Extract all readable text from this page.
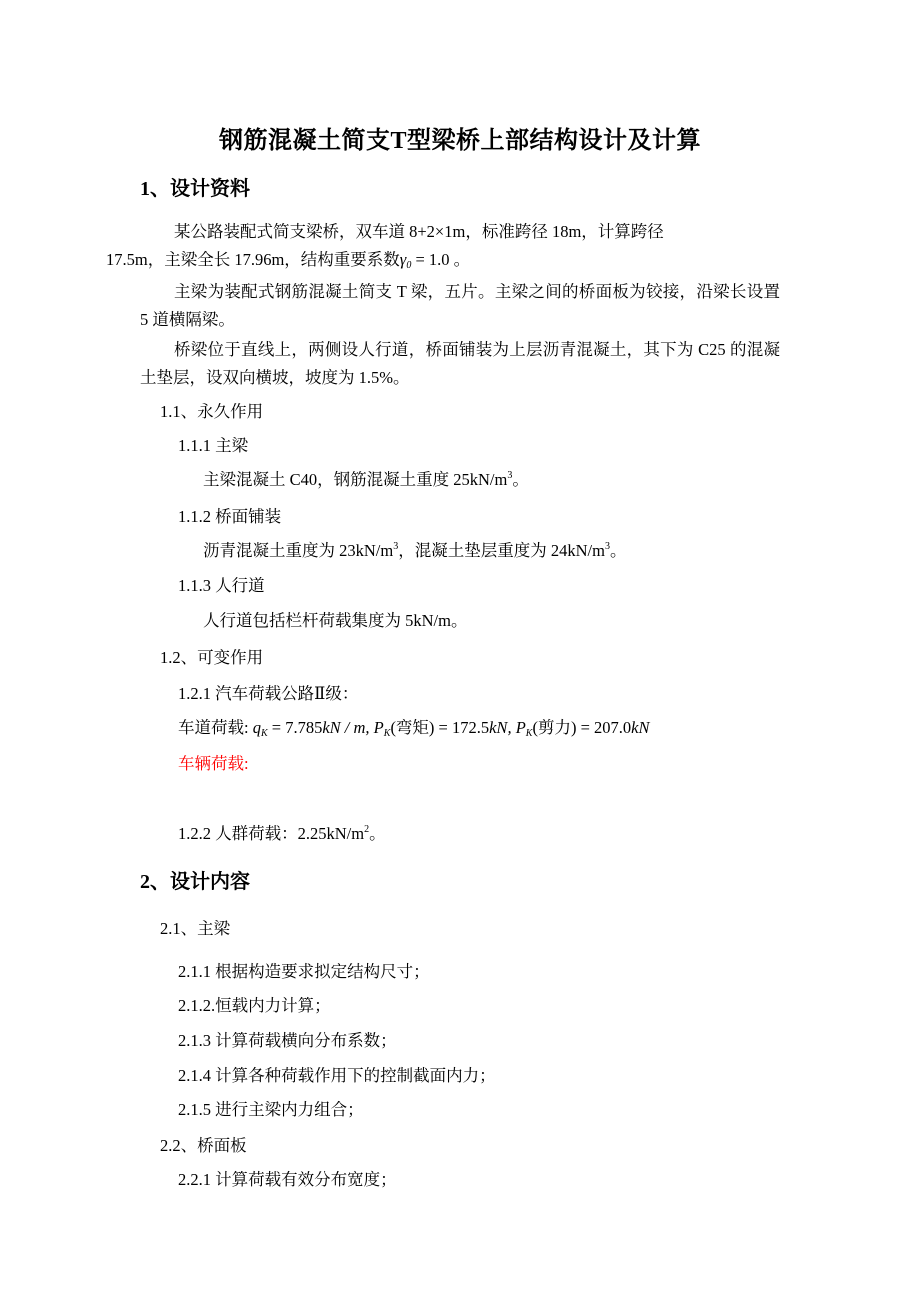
钢筋混凝土简支T型梁桥上部结构设计及计算
1、设计资料
某公路装配式简支梁桥，双车道 8+2×1m，标准跨径 18m，计算跨径
17.5m，主梁全长 17.96m，结构重要系数$\gamma_0 = 1.0$ 。
主梁为装配式钢筋混凝土简支 T 梁，五片。主梁之间的桥面板为铰接，沿梁长设置 5 道横隔梁。
桥梁位于直线上，两侧设人行道，桥面铺装为上层沥青混凝土，其下为 C25 的混凝土垫层，设双向横坡，坡度为 1.5%。
1.1、永久作用
1.1.1 主梁
主梁混凝土 C40，钢筋混凝土重度 $25kN/m^3$。
1.1.2 桥面铺装
沥青混凝土重度为 $23kN/m^3$，混凝土垫层重度为 $24kN/m^3$。
1.1.3 人行道
人行道包括栏杆荷载集度为 5kN/m。
1.2、可变作用
1.2.1 汽车荷载公路Ⅱ级：
车道荷载: $q_K = 7.785kN / m$, $P_K$(弯矩) = 172.5kN, $P_K$(剪力) = 207.0kN
车辆荷载:
1.2.2 人群荷载：$2.25kN/m^2$。
2、设计内容
2.1、主梁
2.1.1 根据构造要求拟定结构尺寸；
2.1.2.恒载内力计算；
2.1.3 计算荷载横向分布系数；
2.1.4 计算各种荷载作用下的控制截面内力；
2.1.5 进行主梁内力组合；
2.2、桥面板
2.2.1 计算荷载有效分布宽度；
